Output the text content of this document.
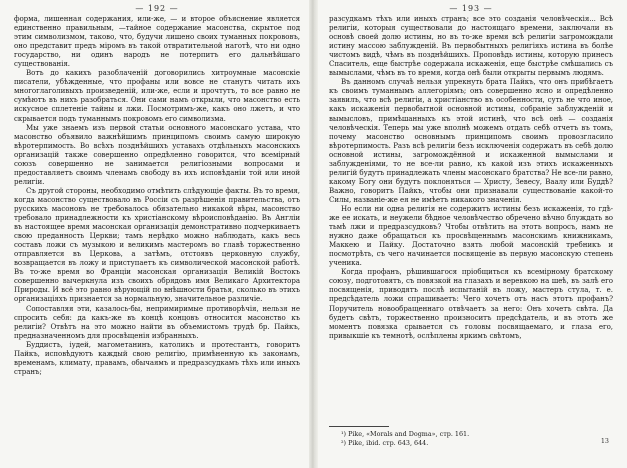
— 192 —

форма, лишенная содержания, или-же, — и второе объяснение является единственно правильным, —тайное содержание масонства, скрытое под этим символизмом, таково, что, будучи лишено своих туманных покрововъ, оно представит предъ міромъ въ такой отвратительной наготѣ, что ни одно государство, ни одинъ народъ не потерпитъ его дальнѣйшаго существованія.

Вотъ до какихъ разоблаченій договорились хитроумные масонскіе писатели, убѣжденные, что профаны или вовсе не станутъ читать ихъ многоглаголивыхъ произведеній, или-же, если и прочтутъ, то все равно не сумѣютъ въ нихъ разобраться. Они сами намъ открыли, что масонство есть искусное сплетеніе тайны и лжи. Посмотримъ-же, какъ оно лжетъ, и что скрывается подъ туманнымъ покровомъ его символизма.

Мы уже знаемъ изъ первой статьи основного масонскаго устава, что масонство объявило важнѣйшимъ принципомъ своимъ самую широкую вѣротерпимость. Во всѣхъ позднѣйшихъ уставахъ отдѣльныхъ масонскихъ организацій также совершенно опредѣленно говорится, что всемірный союзъ совершенно не занимается религіозными вопросами и предоставляетъ своимъ членамъ свободу въ ихъ исповѣданіи той или иной религіи.

Съ другой стороны, необходимо отмѣтить слѣдующіе факты. Въ то время, когда масонство существовало въ Россіи съ разрѣшенія правительства, отъ русскихъ масоновъ не требовалось обязательно никакой вѣры, масонство требовало принадлежности къ христіанскому вѣроисповѣданію. Въ Англіи въ настоящее время масонская организація демонстративно подчеркиваетъ свою преданность Церкви; тамъ нерѣдко можно наблюдать, какъ весь составъ ложи съ музыкою и великимъ мастеромъ во главѣ торжественно отправляется въ Церковь, а затѣмъ, отстоявъ церковную службу, возвращается въ ложу и приступаетъ къ символической масонской работѣ. Въ то-же время во Франціи масонская организація Великій Востокъ совершенно вычеркнула изъ своихъ обрядовъ имя Великаго Архитектора Природы. И всё это равно вѣрующій по внѣшности братья, сколько въ этихъ организаціяхъ признается за нормальную, значительное различіе.

Сопоставляя эти, казалось-бы, непримиримые противорѣчія, нельзя не спросить себя: да какъ-же въ концѣ концовъ относится масонство къ религіи? Отвѣтъ на это можно найти въ объемистомъ трудѣ бр. Пайкъ, предназначенномъ для просвѣщенія избранныхъ.

Буддистъ, іудей, магометанинъ, католикъ и протестантъ, говоритъ Пайкъ, исповѣдуютъ каждый свою религію, примѣненную къ законамъ, временамъ, климату, правамъ, обычаямъ и предразсудкамъ тѣхъ или иныхъ странъ;

— 193 —

разсудкамъ тѣхъ или иныхъ странъ; все это созданія человѣческія... Всѣ религіи, которыя существовали до настоящаго времени, заключали въ основѣ своей долю истины, но въ то-же время всѣ религіи загромождали истину массою заблужденій. Въ первобытныхъ религіяхъ истина въ болѣе чистомъ видѣ, чѣмъ въ позднѣйшихъ. Проповѣдь истины, которую принесъ Спаситель, еще быстрѣе содержала искаженія, еще быстрѣе смѣшались съ вымыслами, чѣмъ въ то время, когда онѣ были открыты первымъ людямъ.

Въ данномъ случаѣ нельзя упрекнуть брата Пайкъ, что онъ прибѣгаетъ къ своимъ туманнымъ аллегоріямъ; онъ совершенно ясно и опредѣленно заявилъ, что всѣ религіи, а христіанство въ особенности, суть не что иное, какъ искаженія первобытной основной истины, собраніе заблужденій и вымысловъ, примѣшанныхъ къ этой истинѣ, что всѣ онѣ — созданія человѣческія. Теперь мы уже вполнѣ можемъ отдать себѣ отчетъ въ томъ, почему масонство основнымъ принципомъ своимъ провозгласило вѣротерпимость. Разъ всѣ религіи безъ исключенія содержатъ въ себѣ долю основной истины, загромождённой и искаженной вымыслами и заблужденіями, то не все-ли равно, къ какой изъ этихъ искаженныхъ религій будутъ принадлежать члены масонскаго братства? Не все-ли равно, какому Богу они будутъ поклоняться — Христу, Зевесу, Ваалу или Буддѣ? Важно, говоритъ Пайкъ, чтобы они признавали существованіе какой-то Силы, названіе-же ея не имѣетъ никакого значенія.

Но если ни одна религія не содержитъ истины безъ искаженія, то гдѣ-же ее искать, и неужели бѣдное человѣчество обречено вѣчно блуждать во тьмѣ лжи и предразсудковъ? Чтобы отвѣтить на этотъ вопросъ, намъ не нужно даже обращаться къ просвѣщеннымъ масонскимъ книжникамъ, Маккею и Пайку. Достаточно взять любой масонскій требникъ и посмотрѣть, съ чего начинается посвященіе въ первую масонскую степень ученика.

Когда профанъ, рѣшившагося пріобщиться къ всемірному братскому союзу, подготовятъ, съ повязкой на глазахъ и веревкою на шеѣ, въ залѣ его посвященія, приводятъ послѣ испытаній въ ложу, мастеръ стула, т. е. предсѣдатель ложи спрашиваетъ: Чего хочетъ отъ насъ этотъ профанъ? Поручитель новообращеннаго отвѣчаетъ за него: Онъ хочетъ свѣта. Да будетъ свѣтъ, торжественно произноситъ предсѣдатель, и въ этотъ же моментъ повязка срывается съ головы посвящаемаго, и глаза его, привыкшіе къ темнотѣ, ослѣплены яркимъ свѣтомъ,

¹) Pike, «Morals and Dogma», стр. 161.
²) Pike, ibid. стр. 643, 644.	13
